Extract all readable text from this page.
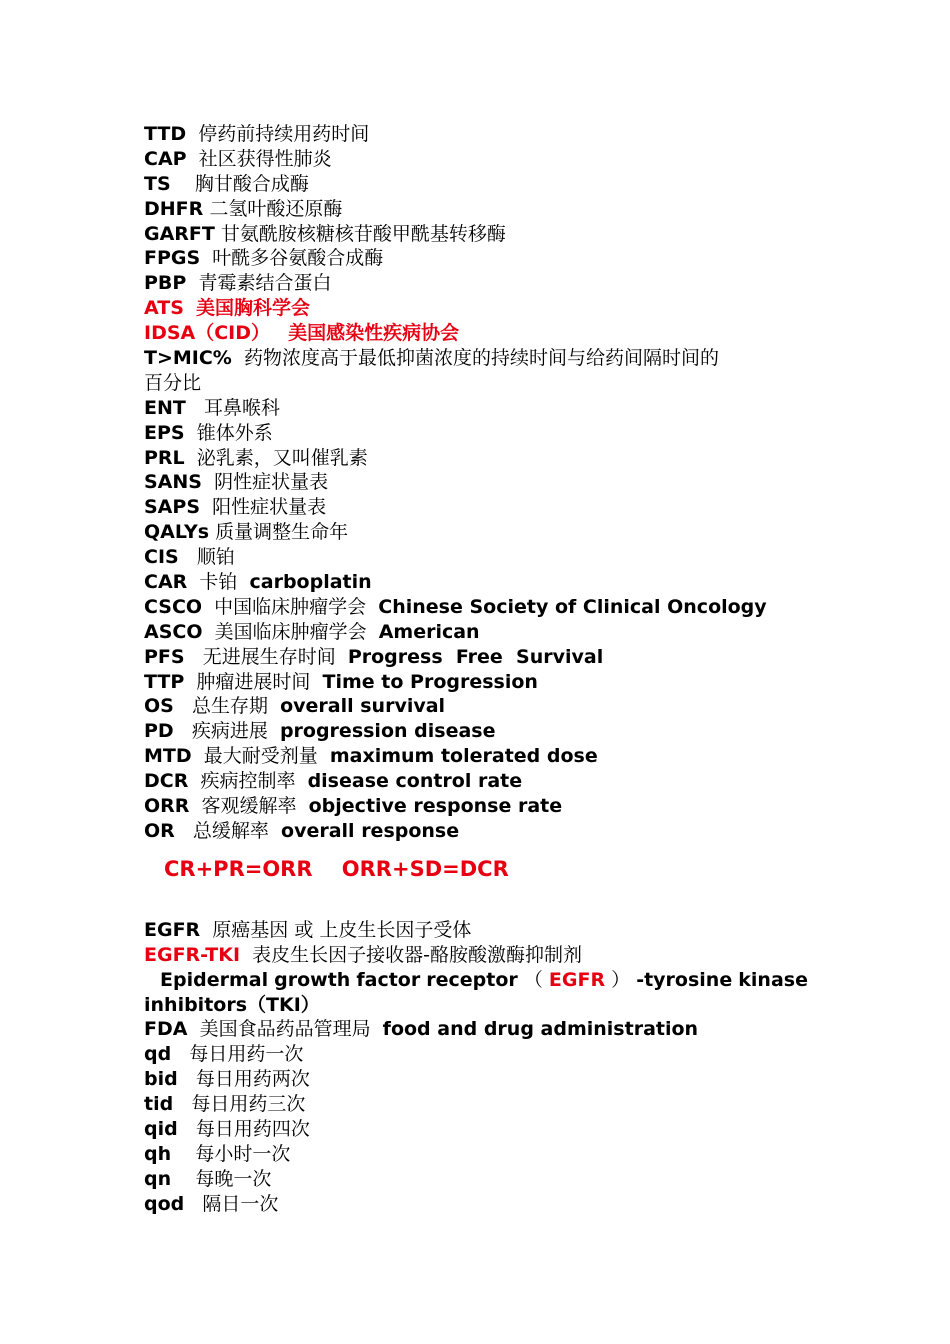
TTD 停药前持续用药时间
CAP 社区获得性肺炎
TS 胸甘酸合成酶
DHFR 二氢叶酸还原酶
GARFT 甘氨酰胺核糖核苷酸甲酰基转移酶
FPGS 叶酰多谷氨酸合成酶
PBP 青霉素结合蛋白
ATS 美国胸科学会
IDSA（CID） 美国感染性疾病协会
T>MIC% 药物浓度高于最低抑菌浓度的持续时间与给药间隔时间的
百分比
ENT 耳鼻喉科
EPS 锥体外系
PRL 泌乳素，又叫催乳素
SANS 阴性症状量表
SAPS 阳性症状量表
QALYs 质量调整生命年
CIS 顺铂
CAR 卡铂 carboplatin
CSCO 中国临床肿瘤学会 Chinese Society of Clinical Oncology
ASCO 美国临床肿瘤学会 American
PFS 无进展生存时间 Progress  Free  Survival
TTP 肿瘤进展时间 Time to Progression
OS 总生存期 overall survival
PD 疾病进展 progression disease
MTD 最大耐受剂量 maximum tolerated dose
DCR 疾病控制率 disease control rate
ORR 客观缓解率 objective response rate
OR 总缓解率 overall response
CR+PR=ORR ORR+SD=DCR
EGFR 原癌基因 或 上皮生长因子受体
EGFR-TKI 表皮生长因子接收器-酪胺酸激酶抑制剂
Epidermal growth factor receptor （ EGFR ） -tyrosine kinase
inhibitors（TKI）
FDA 美国食品药品管理局 food and drug administration
qd 每日用药一次
bid 每日用药两次
tid 每日用药三次
qid 每日用药四次
qh 每小时一次
qn 每晚一次
qod 隔日一次
